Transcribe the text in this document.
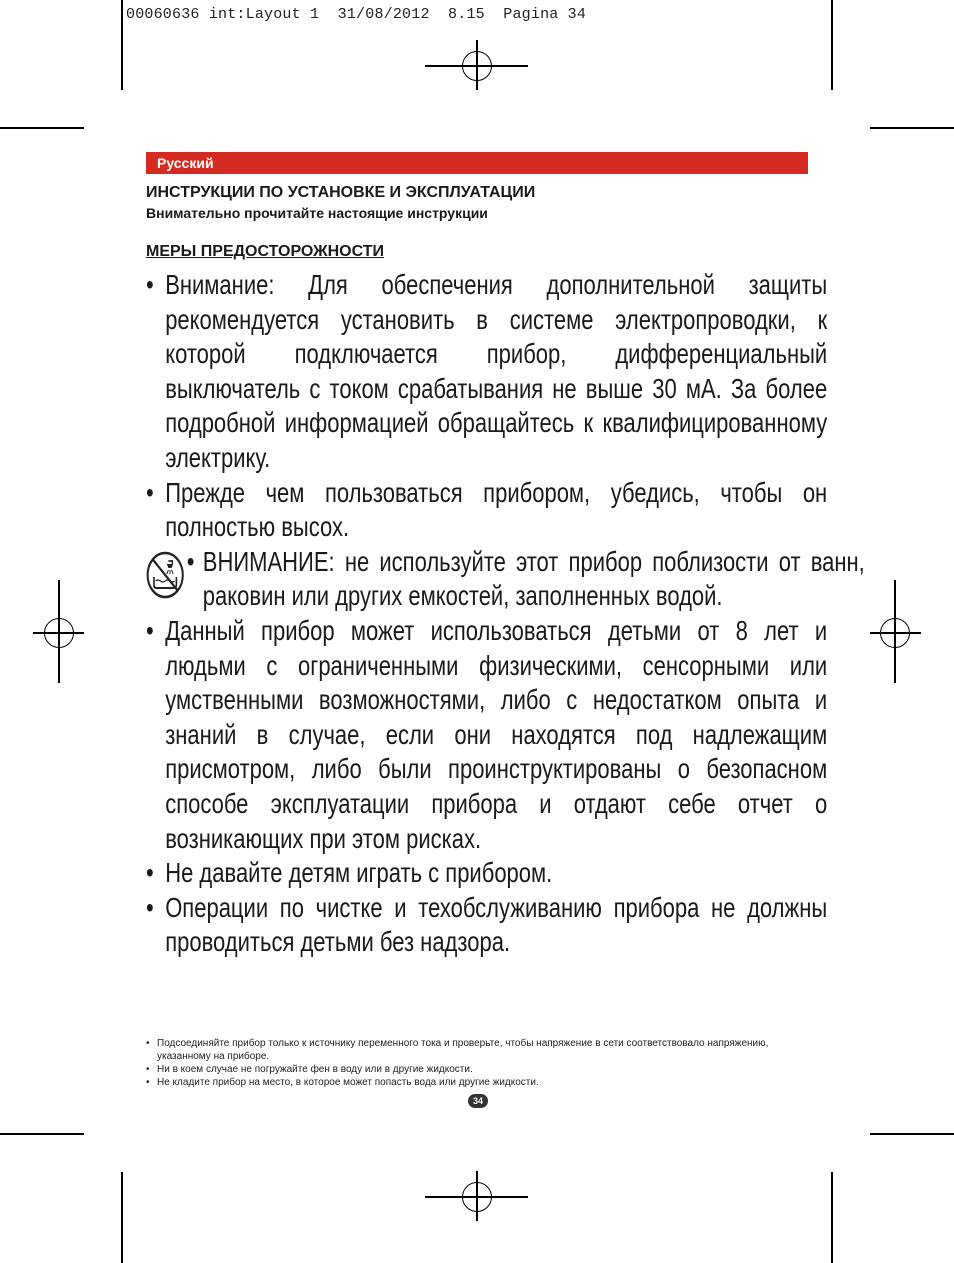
00060636 int:Layout 1  31/08/2012  8.15  Pagina 34
Русский
ИНСТРУКЦИИ ПО УСТАНОВКЕ И ЭКСПЛУАТАЦИИ
Внимательно прочитайте настоящие инструкции
МЕРЫ ПРЕДОСТОРОЖНОСТИ
• Внимание: Для обеспечения дополнительной защиты рекомендуется установить в системе электропроводки, к которой подключается прибор, дифференциальный выключатель с током срабатывания не выше 30 мА. За более подробной информацией обращайтесь к квалифицированному электрику.
• Прежде чем пользоваться прибором, убедись, чтобы он полностью высох.
• ВНИМАНИЕ: не используйте этот прибор поблизости от ванн, раковин или других емкостей, заполненных водой.
• Данный прибор может использоваться детьми от 8 лет и людьми с ограниченными физическими, сенсорными или умственными возможностями, либо с недостатком опыта и знаний в случае, если они находятся под надлежащим присмотром, либо были проинструктированы о безопасном способе эксплуатации прибора и отдают себе отчет о возникающих при этом рисках.
• Не давайте детям играть с прибором.
• Операции по чистке и техобслуживанию прибора не должны проводиться детьми без надзора.
• Подсоединяйте прибор только к источнику переменного тока и проверьте, чтобы напряжение в сети соответствовало напряжению, указанному на приборе.
• Ни в коем случае не погружайте фен в воду или в другие жидкости.
• Не кладите прибор на место, в которое может попасть вода или другие жидкости.
34
